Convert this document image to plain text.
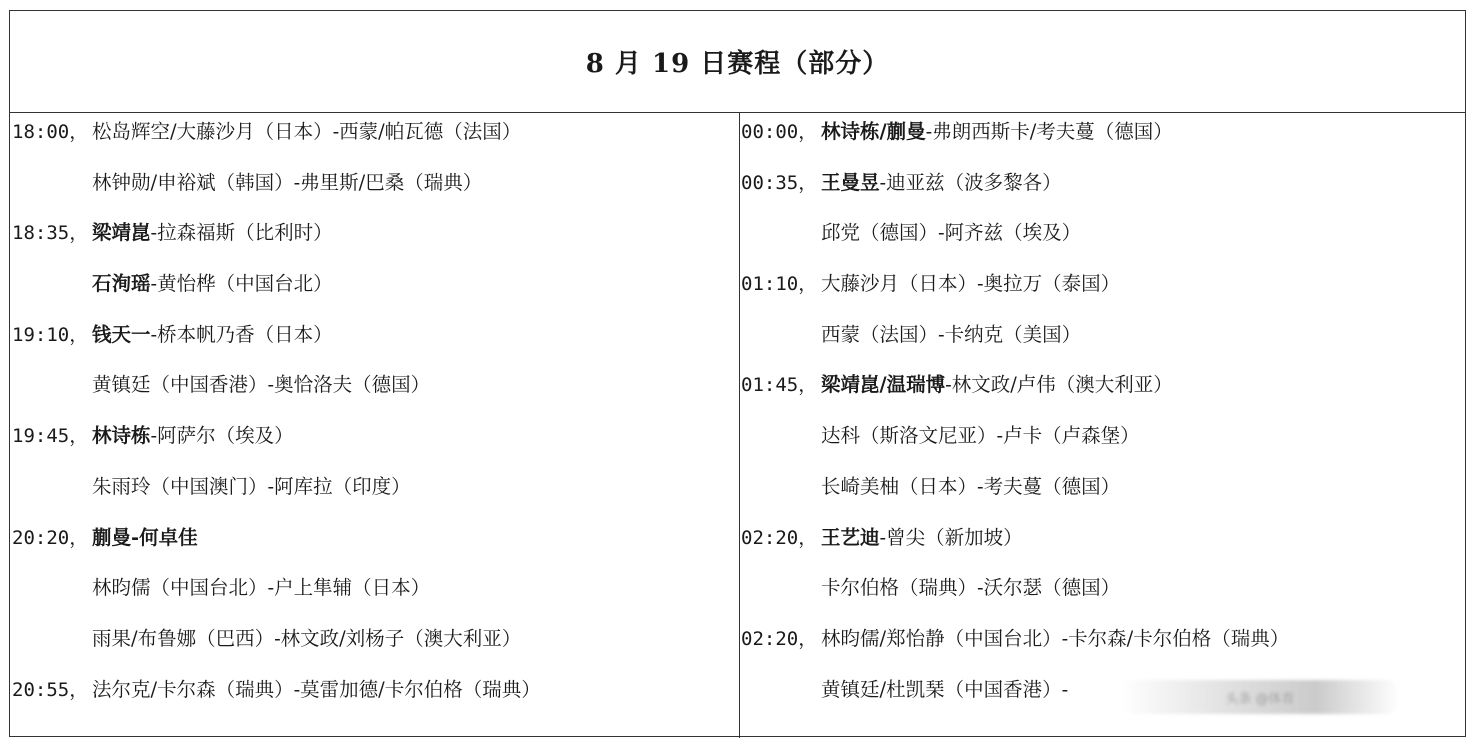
8 月 19 日赛程（部分）
18:00， 松岛辉空/大藤沙月（日本）-西蒙/帕瓦德（法国）
林钟勋/申裕斌（韩国）-弗里斯/巴桑（瑞典）
18:35， 梁靖崑-拉森福斯（比利时）
石洵瑶-黄怡桦（中国台北）
19:10， 钱天一-桥本帆乃香（日本）
黄镇廷（中国香港）-奥恰洛夫（德国）
19:45， 林诗栋-阿萨尔（埃及）
朱雨玲（中国澳门）-阿库拉（印度）
20:20， 蒯曼-何卓佳
林昀儒（中国台北）-户上隼辅（日本）
雨果/布鲁娜（巴西）-林文政/刘杨子（澳大利亚）
20:55， 法尔克/卡尔森（瑞典）-莫雷加德/卡尔伯格（瑞典）
00:00， 林诗栋/蒯曼-弗朗西斯卡/考夫蔓（德国）
00:35， 王曼昱-迪亚兹（波多黎各）
邱党（德国）-阿齐兹（埃及）
01:10， 大藤沙月（日本）-奥拉万（泰国）
西蒙（法国）-卡纳克（美国）
01:45， 梁靖崑/温瑞博-林文政/卢伟（澳大利亚）
达科（斯洛文尼亚）-卢卡（卢森堡）
长崎美柚（日本）-考夫蔓（德国）
02:20， 王艺迪-曾尖（新加坡）
卡尔伯格（瑞典）-沃尔瑟（德国）
02:20， 林昀儒/郑怡静（中国台北）-卡尔森/卡尔伯格（瑞典）
黄镇廷/杜凯琹（中国香港）-	头条 @体育
